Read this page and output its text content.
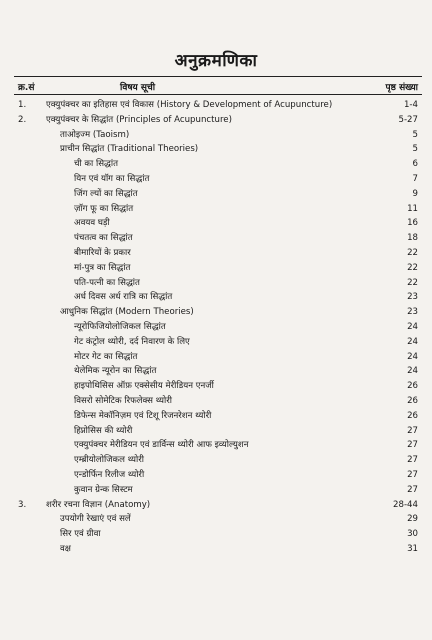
अनुक्रमणिका
क्र.सं	विषय सूची	पृष्ठ संख्या
1. एक्युपंक्चर का इतिहास एवं विकास (History & Development of Acupuncture)	1-4
2. एक्युपंक्चर के सिद्धांत (Principles of Acupuncture)	5-27
ताओइज्म (Taoism)	5
प्राचीन सिद्धांत (Traditional Theories)	5
ची का सिद्धांत	6
यिन एवं यॉग का सिद्धांत	7
जिंग ल्यों का सिद्धांत	9
ज़ॉग फू का सिद्धांत	11
अवयव घड़ी	16
पंचतत्व का सिद्धांत	18
बीमारियों के प्रकार	22
मां-पुत्र का सिद्धांत	22
पति-पत्नी का सिद्धांत	22
अर्ध दिवस अर्ध रात्रि का सिद्धांत	23
आधुनिक सिद्धांत (Modern Theories)	23
न्यूरोफिजियोलोजिकल सिद्धांत	24
गेट कंट्रोल थ्योरी, दर्द निवारण के लिए	24
मोटर गेट का सिद्धांत	24
थेलेमिक न्यूरोन का सिद्धांत	24
हाइपोथिसिस ऑफ़ एक्सेसीय मेरीडियन एनर्जी	26
विसरो सोमेटिक रिफलेक्स थ्योरी	26
डिफेन्स मेकॉनिज़म एवं टिशू रिजनरेशन थ्योरी	26
हिप्नोसिस की थ्योरी	27
एक्युपंक्चर मेरीडियन एवं डार्विन्स थ्योरी आफ इव्योल्युशन	27
एम्ब्रीयोलोजिकल थ्योरी	27
एन्डोर्फिन रिलीज थ्योरी	27
कुवान ग्रेन्क सिस्टम	27
3. शरीर रचना विज्ञान (Anatomy)	28-44
उपयोगी रेखाएं एवं सलें	29
सिर एवं ग्रीवा	30
वक्ष	31
